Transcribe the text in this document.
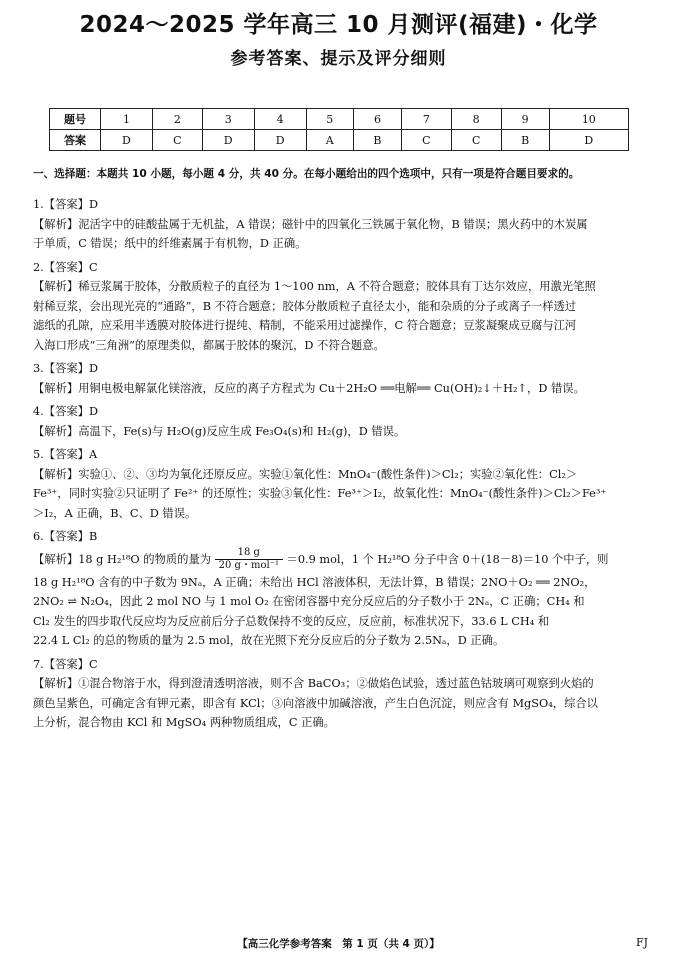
2024～2025 学年高三 10 月测评(福建)・化学
参考答案、提示及评分细则
题号	1	2	3	4	5	6	7	8	9	10
答案	D	C	D	D	A	B	C	C	B	D
一、选择题：本题共 10 小题，每小题 4 分，共 40 分。在每小题给出的四个选项中，只有一项是符合题目要求的。
1.【答案】D
【解析】泥活字中的硅酸盐属于无机盐，A 错误；磁针中的四氧化三铁属于氧化物，B 错误；黑火药中的木炭属
于单质，C 错误；纸中的纤维素属于有机物，D 正确。
2.【答案】C
【解析】稀豆浆属于胶体，分散质粒子的直径为 1～100 nm，A 不符合题意；胶体具有丁达尔效应，用激光笔照
射稀豆浆，会出现光亮的“通路”，B 不符合题意；胶体分散质粒子直径太小，能和杂质的分子或离子一样透过
滤纸的孔隙，应采用半透膜对胶体进行提纯、精制，不能采用过滤操作，C 符合题意；豆浆凝聚成豆腐与江河
入海口形成“三角洲”的原理类似，都属于胶体的聚沉，D 不符合题意。
3.【答案】D
【解析】用铜电极电解氯化镁溶液，反应的离子方程式为 Cu＋2H₂O ══电解══ Cu(OH)₂↓＋H₂↑，D 错误。
4.【答案】D
【解析】高温下，Fe(s)与 H₂O(g)反应生成 Fe₃O₄(s)和 H₂(g)，D 错误。
5.【答案】A
【解析】实验①、②、③均为氧化还原反应。实验①氧化性：MnO₄⁻(酸性条件)＞Cl₂；实验②氧化性：Cl₂＞
Fe³⁺，同时实验②只证明了 Fe²⁺ 的还原性；实验③氧化性：Fe³⁺＞I₂，故氧化性：MnO₄⁻(酸性条件)＞Cl₂＞Fe³⁺
＞I₂，A 正确，B、C、D 错误。
6.【答案】B
【解析】18 g H₂¹⁸O 的物质的量为 $\frac{18 g}{\text{20 g・mol⁻¹}} =0.9$ mol，1 个 H₂¹⁸O 分子中含 0＋(18－8)＝10 个中子，则
18 g H₂¹⁸O 含有的中子数为 9Nₐ，A 正确；未给出 HCl 溶液体积，无法计算，B 错误；2NO＋O₂ ══ 2NO₂，
2NO₂ ⇌ N₂O₄，因此 2 mol NO 与 1 mol O₂ 在密闭容器中充分反应后的分子数小于 2Nₐ，C 正确；CH₄ 和
Cl₂ 发生的四步取代反应均为反应前后分子总数保持不变的反应，反应前，标准状况下，33.6 L CH₄ 和
22.4 L Cl₂ 的总的物质的量为 2.5 mol，故在光照下充分反应后的分子数为 2.5Nₐ，D 正确。
7.【答案】C
【解析】①混合物溶于水，得到澄清透明溶液，则不含 BaCO₃；②做焰色试验，透过蓝色钴玻璃可观察到火焰的
颜色呈紫色，可确定含有钾元素，即含有 KCl；③向溶液中加碱溶液，产生白色沉淀，则应含有 MgSO₄，综合以
上分析，混合物由 KCl 和 MgSO₄ 两种物质组成，C 正确。
【高三化学参考答案　第 1 页（共 4 页）】	FJ
